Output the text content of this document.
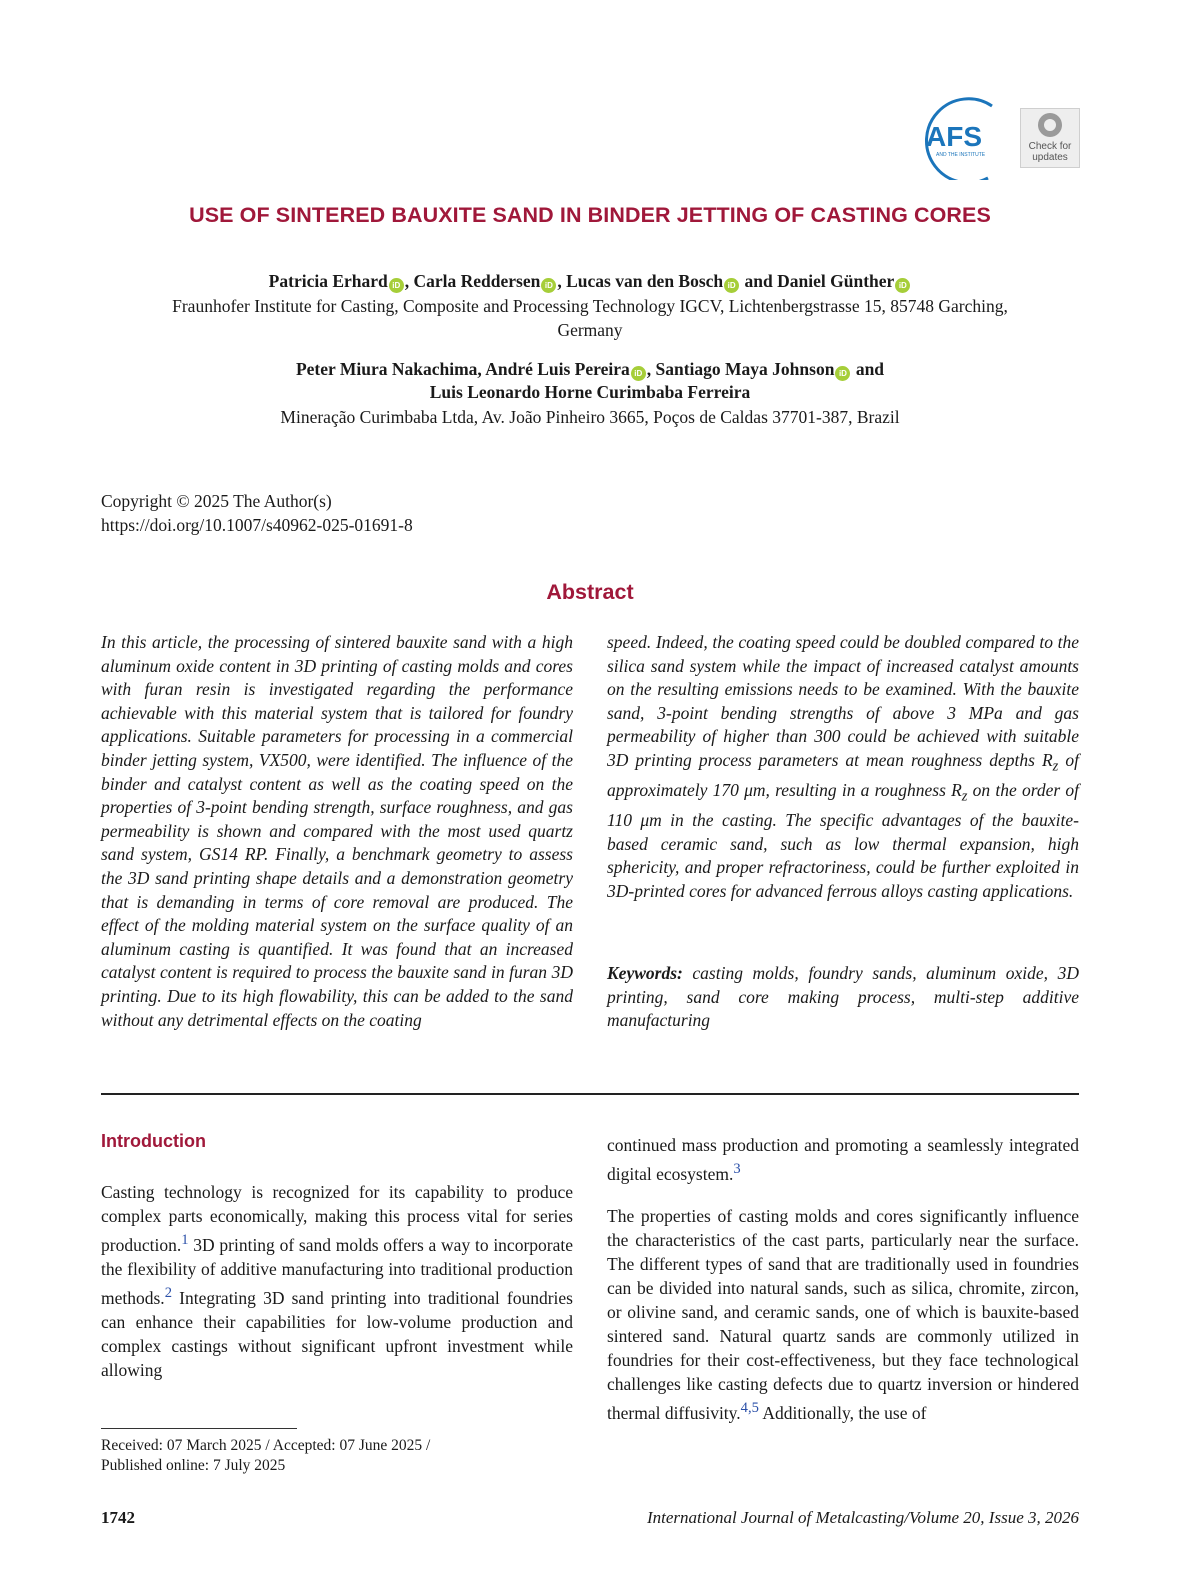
AFS
AND THE INSTITUTE
Check for
updates
USE OF SINTERED BAUXITE SAND IN BINDER JETTING OF CASTING CORES
Patricia Erhard iD , Carla Reddersen iD , Lucas van den Bosch iD and Daniel Günther iD
Fraunhofer Institute for Casting, Composite and Processing Technology IGCV, Lichtenbergstrasse 15, 85748 Garching,
Germany
Peter Miura Nakachima, André Luis Pereira iD , Santiago Maya Johnson iD and
Luis Leonardo Horne Curimbaba Ferreira
Mineração Curimbaba Ltda, Av. João Pinheiro 3665, Poços de Caldas 37701-387, Brazil
Copyright © 2025 The Author(s)
https://doi.org/10.1007/s40962-025-01691-8
Abstract
In this article, the processing of sintered bauxite sand with a high aluminum oxide content in 3D printing of casting molds and cores with furan resin is investigated regarding the performance achievable with this material system that is tailored for foundry applications. Suitable parameters for processing in a commercial binder jetting system, VX500, were identified. The influence of the binder and catalyst content as well as the coating speed on the properties of 3-point bending strength, surface roughness, and gas permeability is shown and compared with the most used quartz sand system, GS14 RP. Finally, a benchmark geometry to assess the 3D sand printing shape details and a demonstration geometry that is demanding in terms of core removal are produced. The effect of the molding material system on the surface quality of an aluminum casting is quantified. It was found that an increased catalyst content is required to process the bauxite sand in furan 3D printing. Due to its high flowability, this can be added to the sand without any detrimental effects on the coating
speed. Indeed, the coating speed could be doubled compared to the silica sand system while the impact of increased catalyst amounts on the resulting emissions needs to be examined. With the bauxite sand, 3-point bending strengths of above 3 MPa and gas permeability of higher than 300 could be achieved with suitable 3D printing process parameters at mean roughness depths $R_z$ of approximately 170 μm, resulting in a roughness $R_z$ on the order of 110 μm in the casting. The specific advantages of the bauxite-based ceramic sand, such as low thermal expansion, high sphericity, and proper refractoriness, could be further exploited in 3D-printed cores for advanced ferrous alloys casting applications.
Keywords: casting molds, foundry sands, aluminum oxide, 3D printing, sand core making process, multi-step additive manufacturing
Introduction
Casting technology is recognized for its capability to produce complex parts economically, making this process vital for series production.$^1$ 3D printing of sand molds offers a way to incorporate the flexibility of additive manufacturing into traditional production methods.$^2$ Integrating 3D sand printing into traditional foundries can enhance their capabilities for low-volume production and complex castings without significant upfront investment while allowing
continued mass production and promoting a seamlessly integrated digital ecosystem.$^3$
The properties of casting molds and cores significantly influence the characteristics of the cast parts, particularly near the surface. The different types of sand that are traditionally used in foundries can be divided into natural sands, such as silica, chromite, zircon, or olivine sand, and ceramic sands, one of which is bauxite-based sintered sand. Natural quartz sands are commonly utilized in foundries for their cost-effectiveness, but they face technological challenges like casting defects due to quartz inversion or hindered thermal diffusivity.$^{4,5}$ Additionally, the use of
Received: 07 March 2025 / Accepted: 07 June 2025 /
Published online: 7 July 2025
1742	International Journal of Metalcasting/Volume 20, Issue 3, 2026
